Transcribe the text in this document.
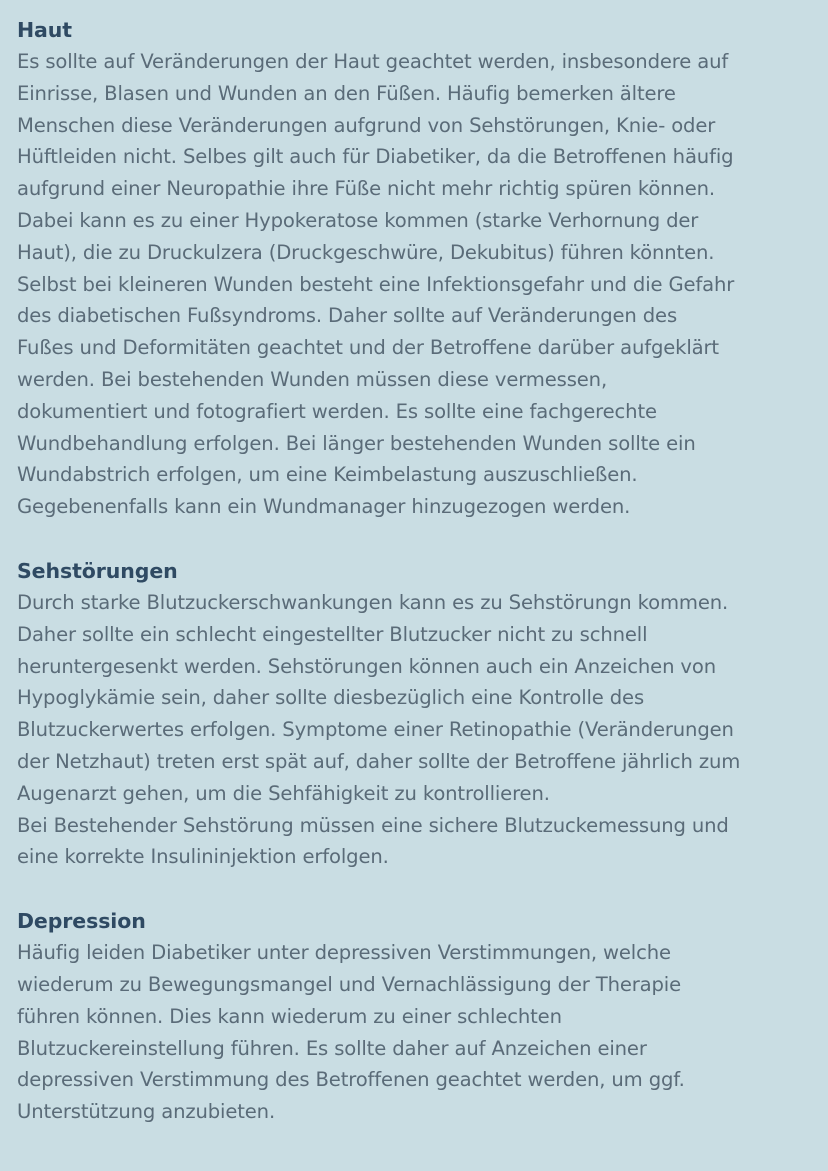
Haut
Es sollte auf Veränderungen der Haut geachtet werden, insbesondere auf
Einrisse, Blasen und Wunden an den Füßen. Häufig bemerken ältere
Menschen diese Veränderungen aufgrund von Sehstörungen, Knie- oder
Hüftleiden nicht. Selbes gilt auch für Diabetiker, da die Betroffenen häufig
aufgrund einer Neuropathie ihre Füße nicht mehr richtig spüren können.
Dabei kann es zu einer Hypokeratose kommen (starke Verhornung der
Haut), die zu Druckulzera (Druckgeschwüre, Dekubitus) führen könnten.
Selbst bei kleineren Wunden besteht eine Infektionsgefahr und die Gefahr
des diabetischen Fußsyndroms. Daher sollte auf Veränderungen des
Fußes und Deformitäten geachtet und der Betroffene darüber aufgeklärt
werden. Bei bestehenden Wunden müssen diese vermessen,
dokumentiert und fotografiert werden. Es sollte eine fachgerechte
Wundbehandlung erfolgen. Bei länger bestehenden Wunden sollte ein
Wundabstrich erfolgen, um eine Keimbelastung auszuschließen.
Gegebenenfalls kann ein Wundmanager hinzugezogen werden.
Sehstörungen
Durch starke Blutzuckerschwankungen kann es zu Sehstörungn kommen.
Daher sollte ein schlecht eingestellter Blutzucker nicht zu schnell
heruntergesenkt werden. Sehstörungen können auch ein Anzeichen von
Hypoglykämie sein, daher sollte diesbezüglich eine Kontrolle des
Blutzuckerwertes erfolgen. Symptome einer Retinopathie (Veränderungen
der Netzhaut) treten erst spät auf, daher sollte der Betroffene jährlich zum
Augenarzt gehen, um die Sehfähigkeit zu kontrollieren.
Bei Bestehender Sehstörung müssen eine sichere Blutzuckemessung und
eine korrekte Insulininjektion erfolgen.
Depression
Häufig leiden Diabetiker unter depressiven Verstimmungen, welche
wiederum zu Bewegungsmangel und Vernachlässigung der Therapie
führen können. Dies kann wiederum zu einer schlechten
Blutzuckereinstellung führen. Es sollte daher auf Anzeichen einer
depressiven Verstimmung des Betroffenen geachtet werden, um ggf.
Unterstützung anzubieten.
